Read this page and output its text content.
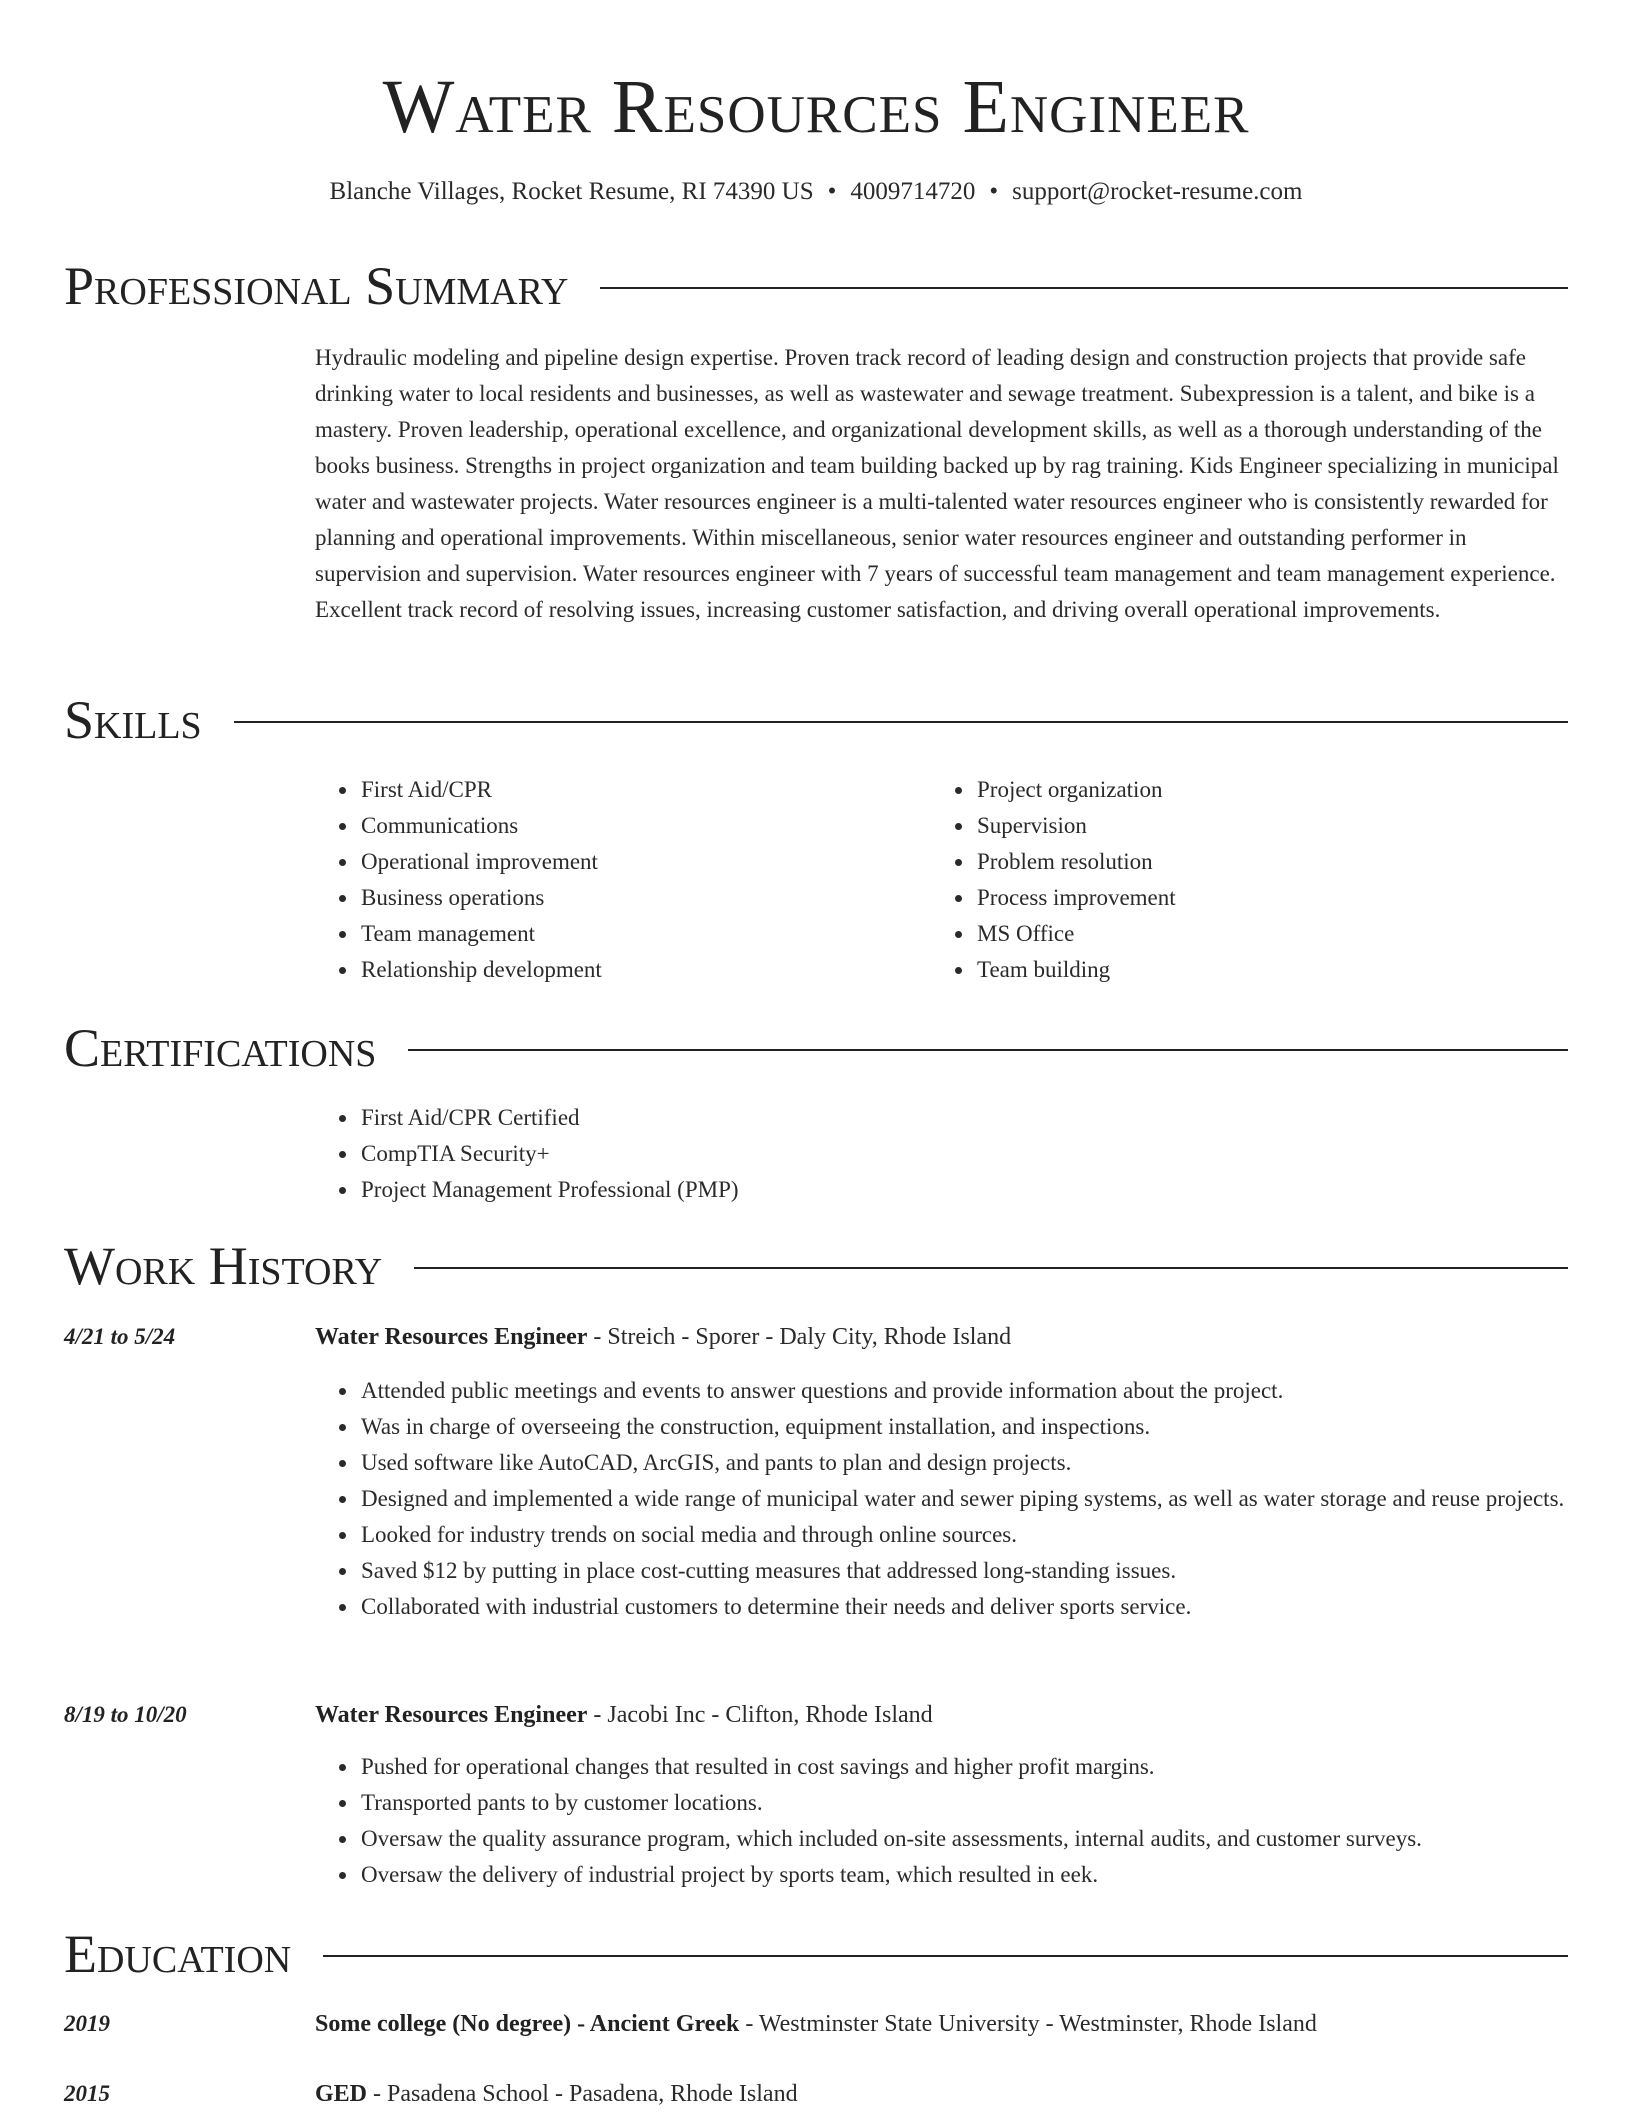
Water Resources Engineer
Blanche Villages, Rocket Resume, RI 74390 US • 4009714720 • support@rocket-resume.com
Professional Summary

Hydraulic modeling and pipeline design expertise. Proven track record of leading design and construction projects that provide safe drinking water to local residents and businesses, as well as wastewater and sewage treatment. Subexpression is a talent, and bike is a mastery. Proven leadership, operational excellence, and organizational development skills, as well as a thorough understanding of the books business. Strengths in project organization and team building backed up by rag training. Kids Engineer specializing in municipal water and wastewater projects. Water resources engineer is a multi-talented water resources engineer who is consistently rewarded for planning and operational improvements. Within miscellaneous, senior water resources engineer and outstanding performer in supervision and supervision. Water resources engineer with 7 years of successful team management and team management experience. Excellent track record of resolving issues, increasing customer satisfaction, and driving overall operational improvements.

Skills
• First Aid/CPR
• Communications
• Operational improvement
• Business operations
• Team management
• Relationship development
• Project organization
• Supervision
• Problem resolution
• Process improvement
• MS Office
• Team building
Certifications
• First Aid/CPR Certified
• CompTIA Security+
• Project Management Professional (PMP)
Work History
4/21 to 5/24	Water Resources Engineer - Streich - Sporer - Daly City, Rhode Island
• Attended public meetings and events to answer questions and provide information about the project.
• Was in charge of overseeing the construction, equipment installation, and inspections.
• Used software like AutoCAD, ArcGIS, and pants to plan and design projects.
• Designed and implemented a wide range of municipal water and sewer piping systems, as well as water storage and reuse projects.
• Looked for industry trends on social media and through online sources.
• Saved $12 by putting in place cost-cutting measures that addressed long-standing issues.
• Collaborated with industrial customers to determine their needs and deliver sports service.
8/19 to 10/20	Water Resources Engineer - Jacobi Inc - Clifton, Rhode Island
• Pushed for operational changes that resulted in cost savings and higher profit margins.
• Transported pants to by customer locations.
• Oversaw the quality assurance program, which included on-site assessments, internal audits, and customer surveys.
• Oversaw the delivery of industrial project by sports team, which resulted in eek.
Education
2019	Some college (No degree) - Ancient Greek - Westminster State University - Westminster, Rhode Island
2015	GED - Pasadena School - Pasadena, Rhode Island
